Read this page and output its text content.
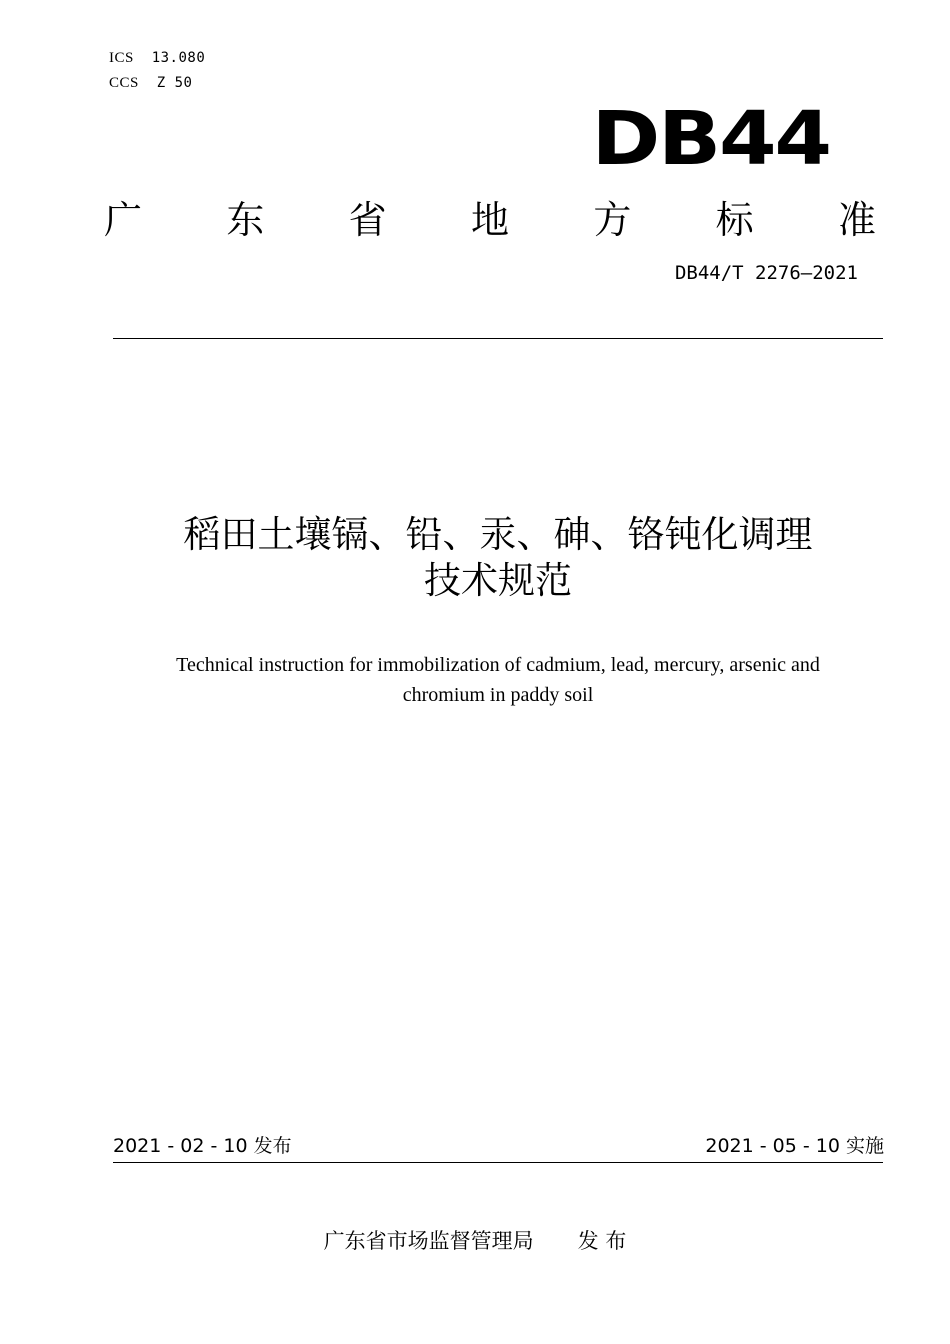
ICS 13.080
CCS Z 50
DB44
广 东 省 地 方 标 准
DB44/T 2276—2021
稻田土壤镉、铅、汞、砷、铬钝化调理
技术规范
Technical instruction for immobilization of cadmium, lead, mercury, arsenic and
chromium in paddy soil
2021 - 02 - 10 发布	2021 - 05 - 10 实施
广东省市场监督管理局 发 布
